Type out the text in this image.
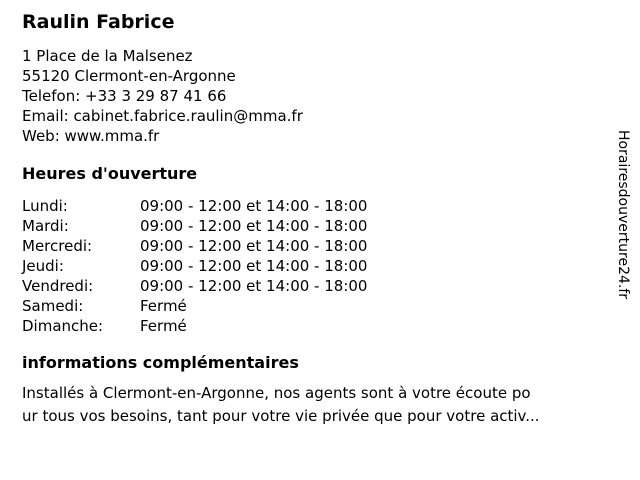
Raulin Fabrice
1 Place de la Malsenez
55120 Clermont-en-Argonne
Telefon: +33 3 29 87 41 66
Email: cabinet.fabrice.raulin@mma.fr
Web: www.mma.fr
Heures d'ouverture
Lundi:	09:00 - 12:00 et 14:00 - 18:00
Mardi:	09:00 - 12:00 et 14:00 - 18:00
Mercredi:	09:00 - 12:00 et 14:00 - 18:00
Jeudi:	09:00 - 12:00 et 14:00 - 18:00
Vendredi:	09:00 - 12:00 et 14:00 - 18:00
Samedi:	Fermé
Dimanche:	Fermé
informations complémentaires
Installés à Clermont-en-Argonne, nos agents sont à votre écoute po
ur tous vos besoins, tant pour votre vie privée que pour votre activ...
Horairesdouverture24.fr
